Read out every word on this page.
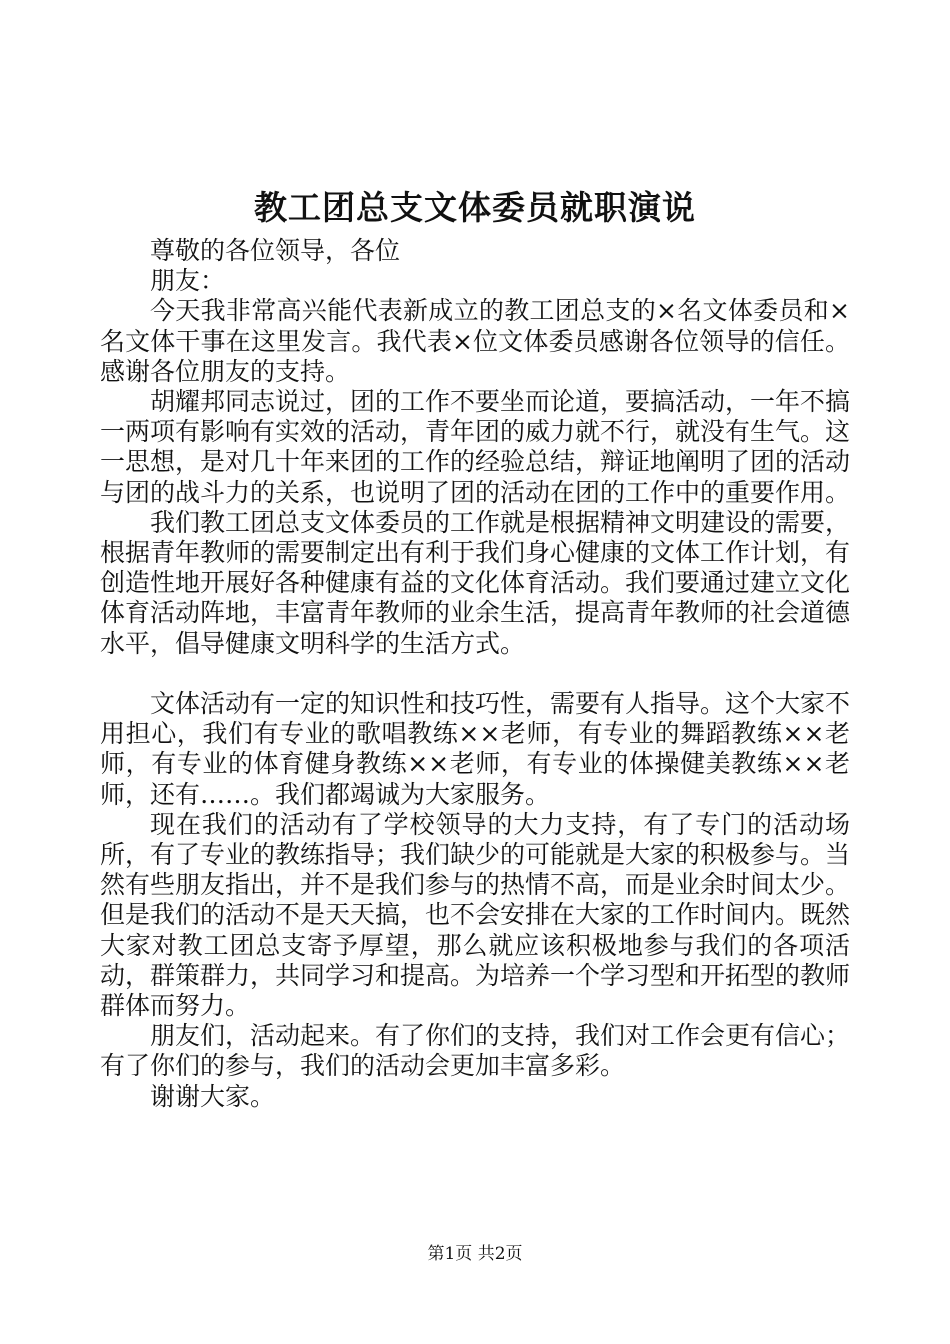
教工团总支文体委员就职演说

尊敬的各位领导，各位

朋友：

今天我非常高兴能代表新成立的教工团总支的×名文体委员和×名文体干事在这里发言。我代表×位文体委员感谢各位领导的信任。感谢各位朋友的支持。

胡耀邦同志说过，团的工作不要坐而论道，要搞活动，一年不搞一两项有影响有实效的活动，青年团的威力就不行，就没有生气。这一思想，是对几十年来团的工作的经验总结，辩证地阐明了团的活动与团的战斗力的关系，也说明了团的活动在团的工作中的重要作用。

我们教工团总支文体委员的工作就是根据精神文明建设的需要，根据青年教师的需要制定出有利于我们身心健康的文体工作计划，有创造性地开展好各种健康有益的文化体育活动。我们要通过建立文化体育活动阵地，丰富青年教师的业余生活，提高青年教师的社会道德水平，倡导健康文明科学的生活方式。

文体活动有一定的知识性和技巧性，需要有人指导。这个大家不用担心，我们有专业的歌唱教练××老师，有专业的舞蹈教练××老师，有专业的体育健身教练××老师，有专业的体操健美教练××老师，还有……。我们都竭诚为大家服务。

现在我们的活动有了学校领导的大力支持，有了专门的活动场所，有了专业的教练指导；我们缺少的可能就是大家的积极参与。当然有些朋友指出，并不是我们参与的热情不高，而是业余时间太少。但是我们的活动不是天天搞，也不会安排在大家的工作时间内。既然大家对教工团总支寄予厚望，那么就应该积极地参与我们的各项活动，群策群力，共同学习和提高。为培养一个学习型和开拓型的教师群体而努力。

朋友们，活动起来。有了你们的支持，我们对工作会更有信心；有了你们的参与，我们的活动会更加丰富多彩。

谢谢大家。

第1页 共2页
